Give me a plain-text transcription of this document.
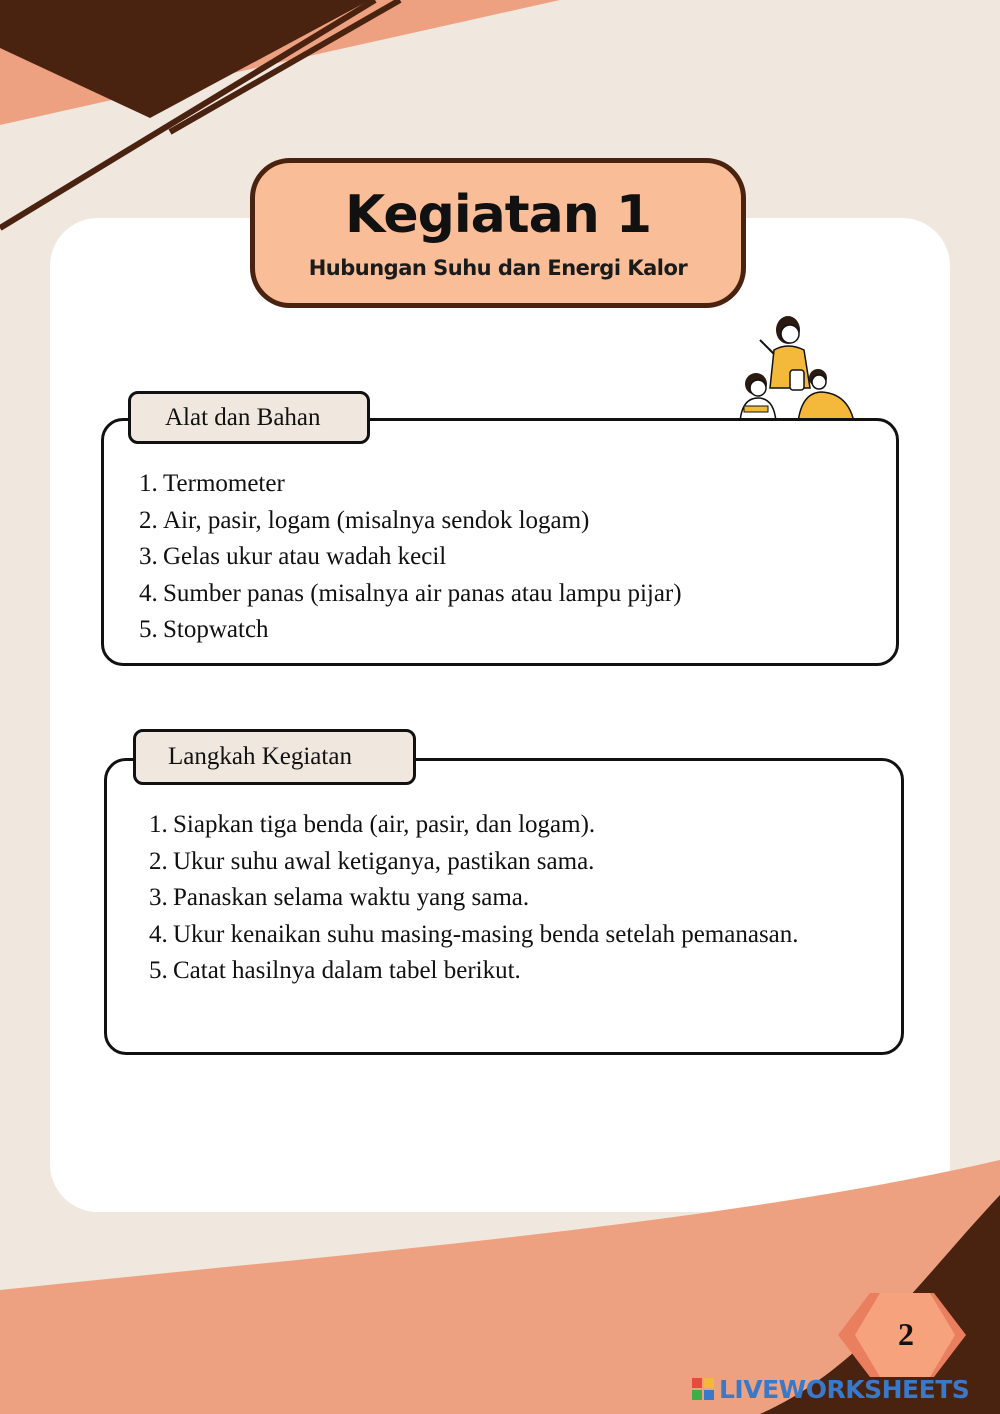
Kegiatan 1
Hubungan Suhu dan Energi Kalor
Alat dan Bahan
1. Termometer
2. Air, pasir, logam (misalnya sendok logam)
3. Gelas ukur atau wadah kecil
4. Sumber panas (misalnya air panas atau lampu pijar)
5. Stopwatch
Langkah Kegiatan
1. Siapkan tiga benda (air, pasir, dan logam).
2. Ukur suhu awal ketiganya, pastikan sama.
3. Panaskan selama waktu yang sama.
4. Ukur kenaikan suhu masing-masing benda setelah pemanasan.
5. Catat hasilnya dalam tabel berikut.
2
LIVEWORKSHEETS
